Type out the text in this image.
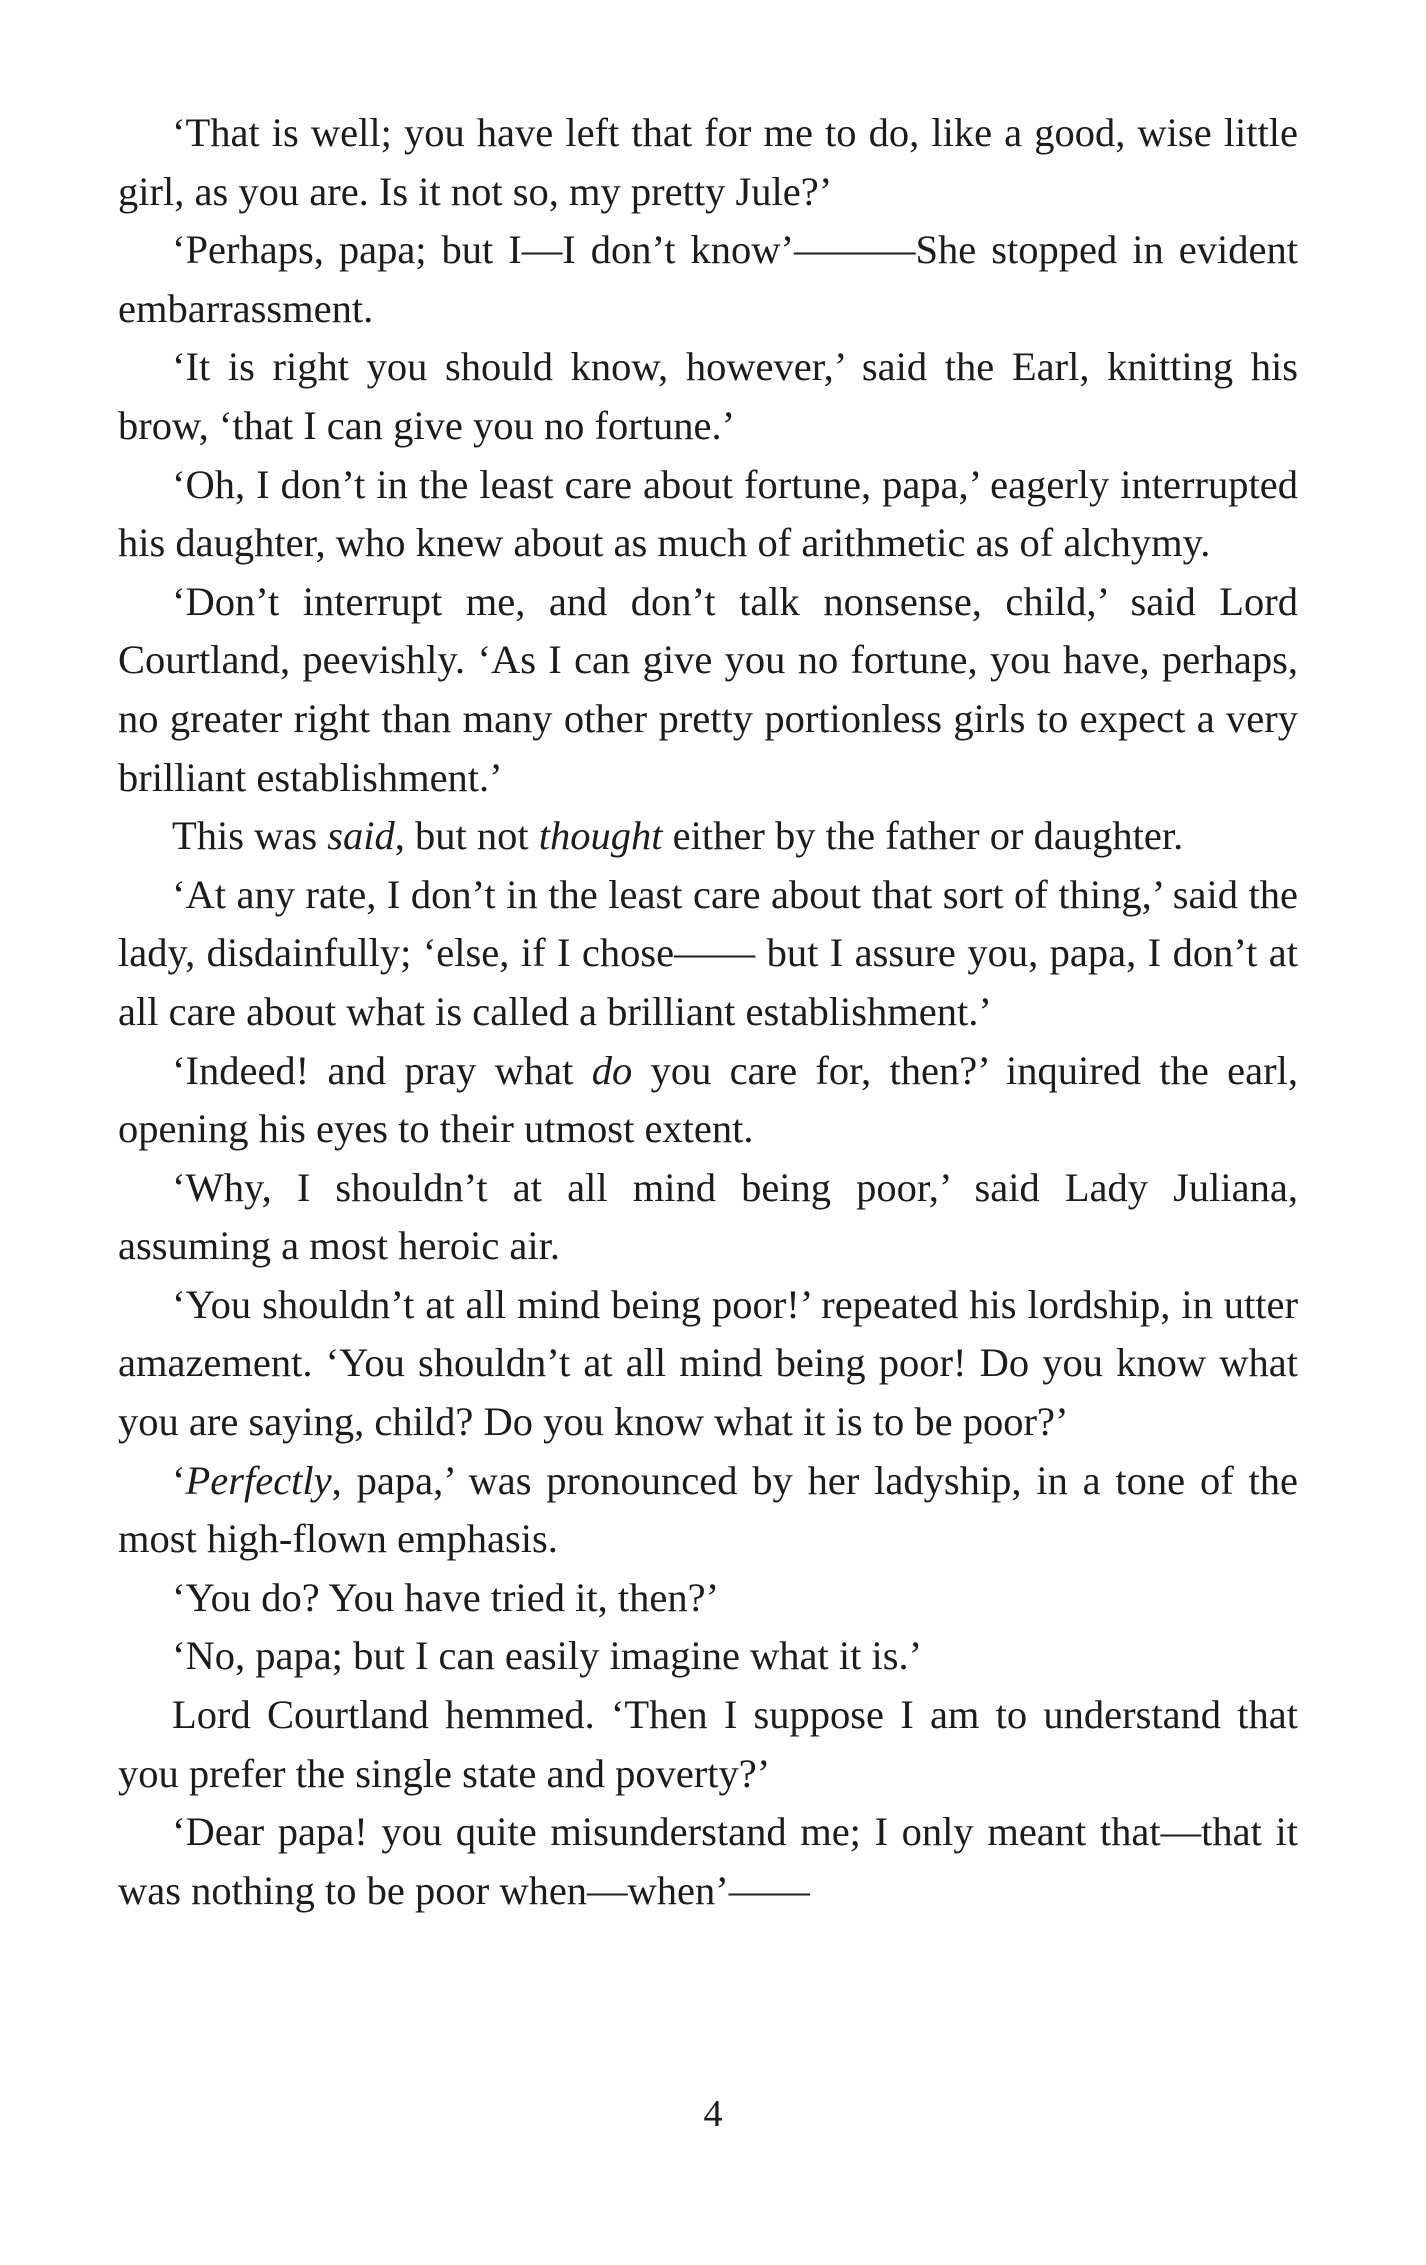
‘That is well; you have left that for me to do, like a good, wise little girl, as you are. Is it not so, my pretty Jule?’

‘Perhaps, papa; but I—I don’t know’———She stopped in evident embarrassment.

‘It is right you should know, however,’ said the Earl, knitting his brow, ‘that I can give you no fortune.’

‘Oh, I don’t in the least care about fortune, papa,’ eagerly interrupted his daughter, who knew about as much of arithmetic as of alchymy.

‘Don’t interrupt me, and don’t talk nonsense, child,’ said Lord Courtland, peevishly. ‘As I can give you no fortune, you have, perhaps, no greater right than many other pretty portionless girls to expect a very brilliant establishment.’

This was said, but not thought either by the father or daughter.

‘At any rate, I don’t in the least care about that sort of thing,’ said the lady, disdainfully; ‘else, if I chose—— but I assure you, papa, I don’t at all care about what is called a brilliant establishment.’

‘Indeed! and pray what do you care for, then?’ inquired the earl, opening his eyes to their utmost extent.

‘Why, I shouldn’t at all mind being poor,’ said Lady Juliana, assuming a most heroic air.

‘You shouldn’t at all mind being poor!’ repeated his lordship, in utter amazement. ‘You shouldn’t at all mind being poor! Do you know what you are saying, child? Do you know what it is to be poor?’

‘Perfectly, papa,’ was pronounced by her ladyship, in a tone of the most high-flown emphasis.

‘You do? You have tried it, then?’

‘No, papa; but I can easily imagine what it is.’

Lord Courtland hemmed. ‘Then I suppose I am to understand that you prefer the single state and poverty?’

‘Dear papa! you quite misunderstand me; I only meant that—that it was nothing to be poor when—when’——

4
